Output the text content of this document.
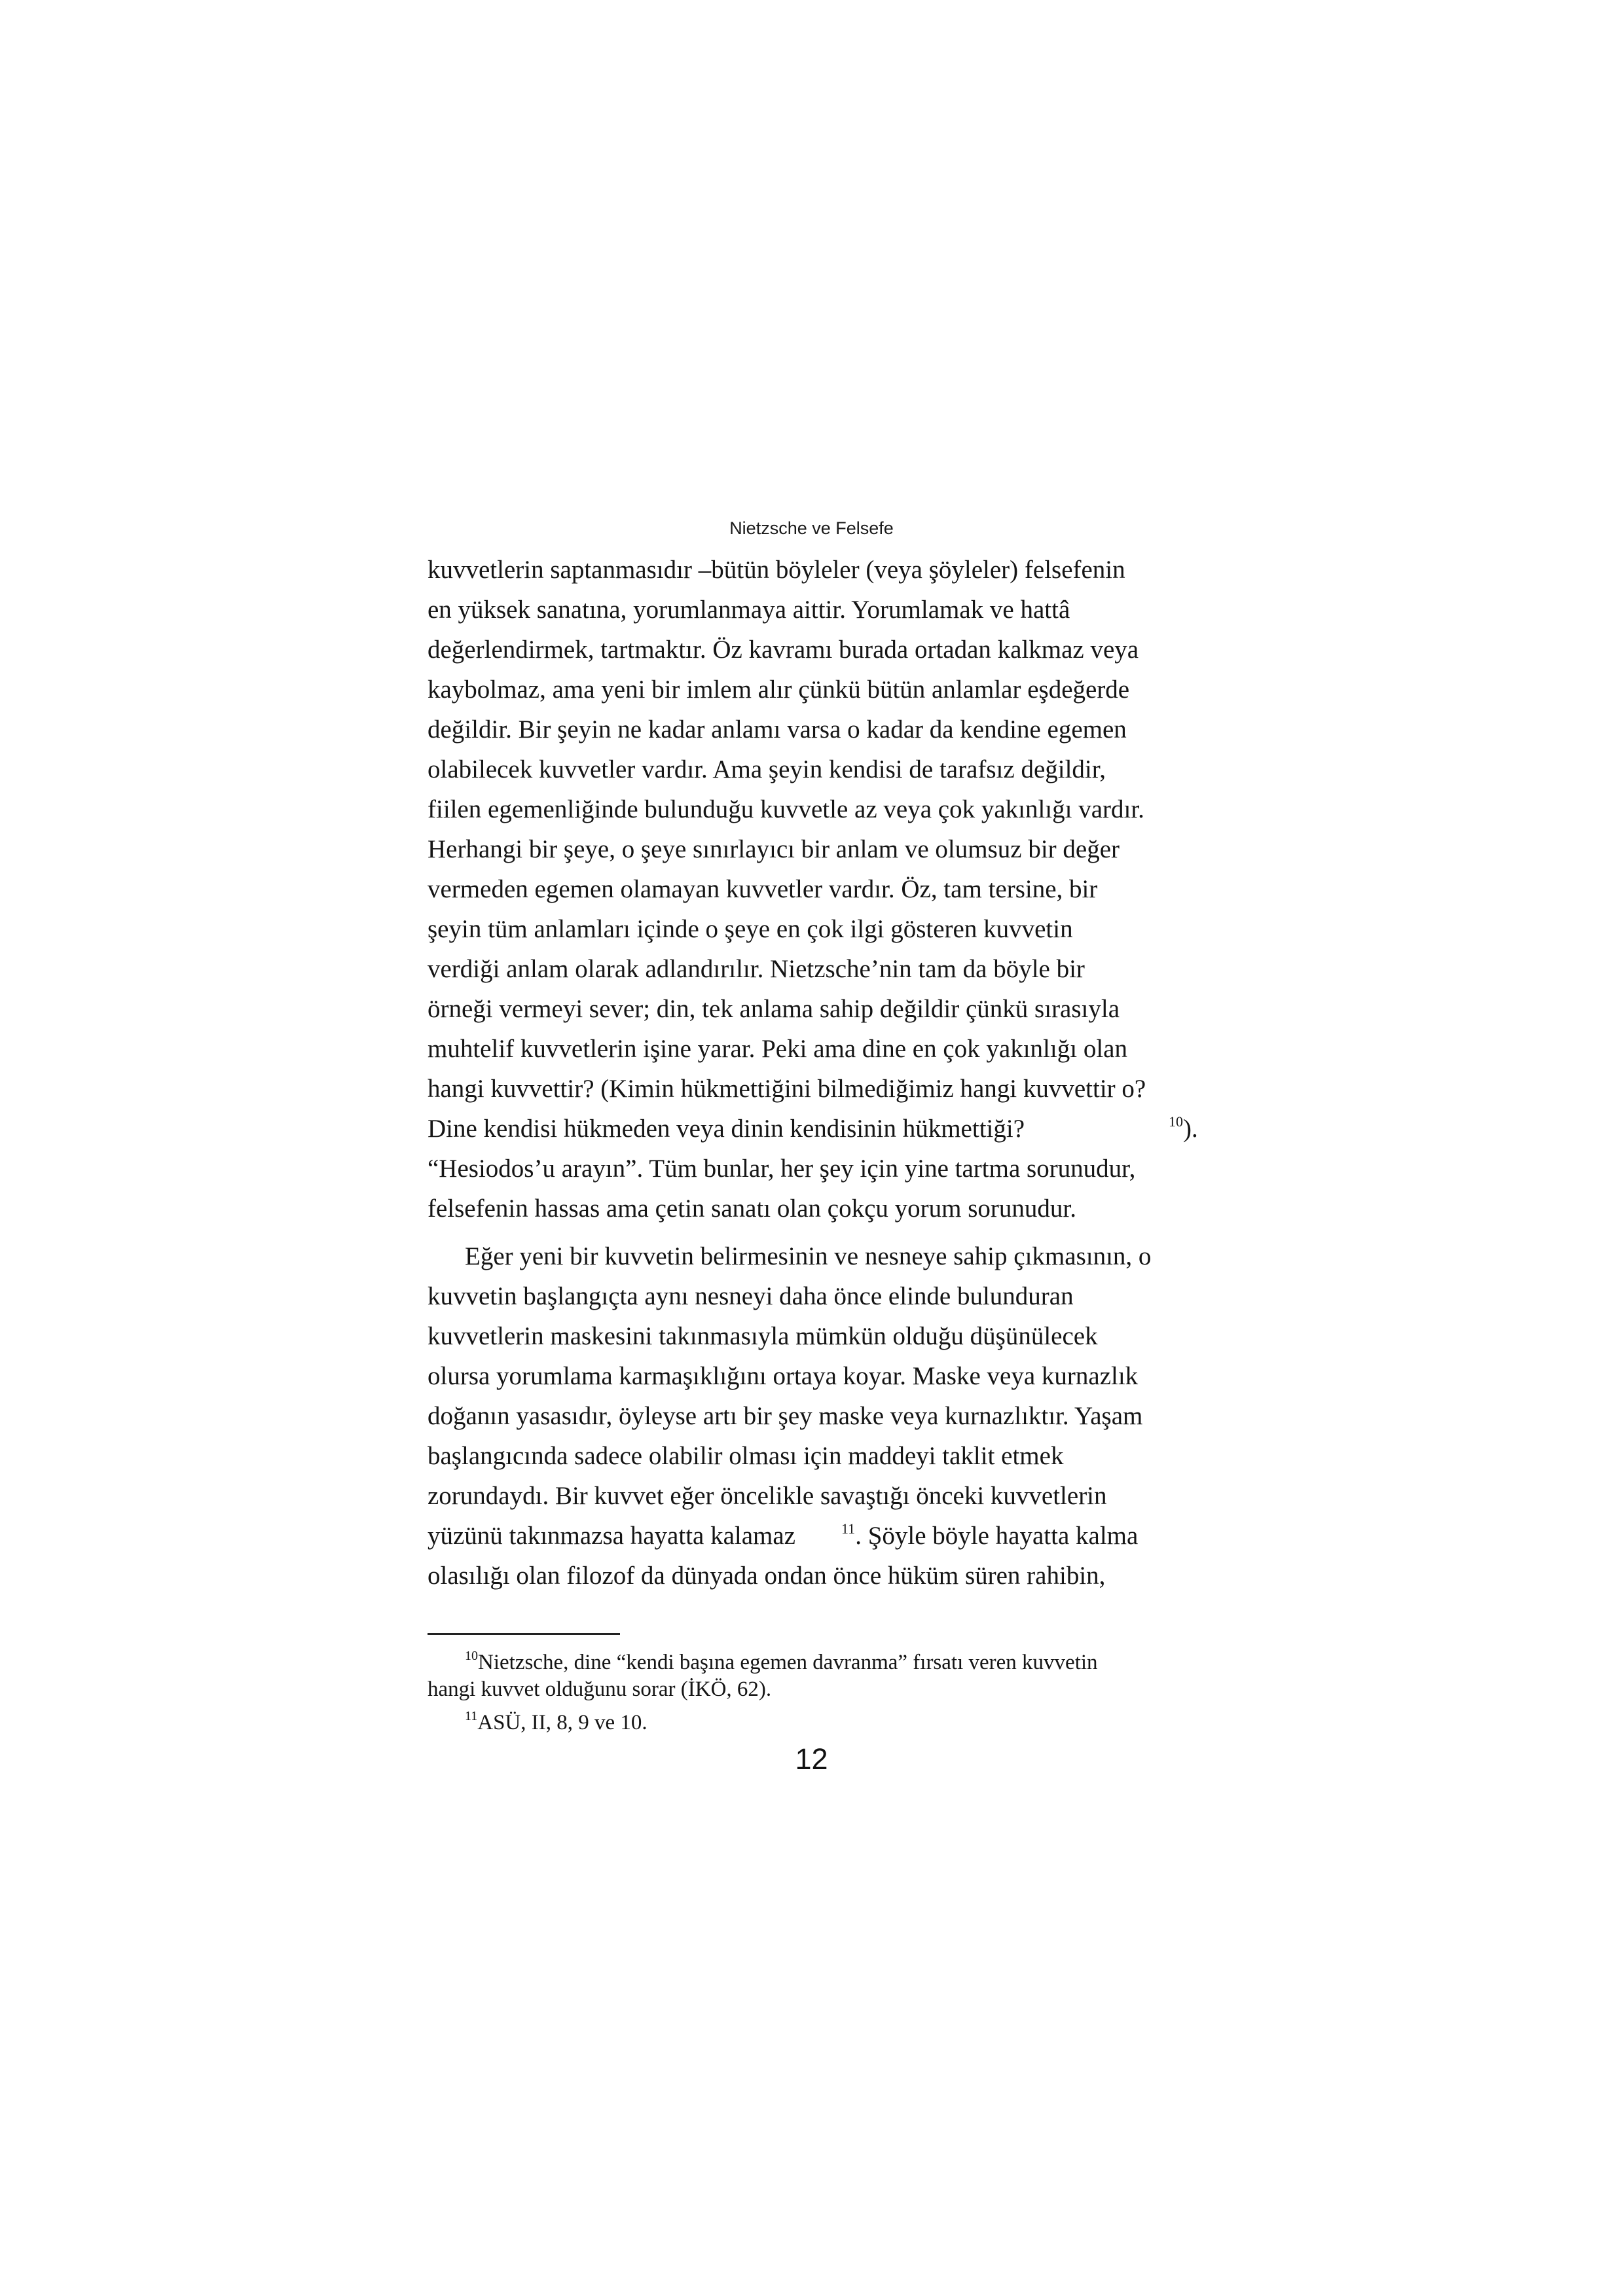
Nietzsche ve Felsefe
kuvvetlerin saptanmasıdır –bütün böyleler (veya şöyleler) felsefenin
en yüksek sanatına, yorumlanmaya aittir. Yorumlamak ve hattâ
değerlendirmek, tartmaktır. Öz kavramı burada ortadan kalkmaz veya
kaybolmaz, ama yeni bir imlem alır çünkü bütün anlamlar eşdeğerde
değildir. Bir şeyin ne kadar anlamı varsa o kadar da kendine egemen
olabilecek kuvvetler vardır. Ama şeyin kendisi de tarafsız değildir,
fiilen egemenliğinde bulunduğu kuvvetle az veya çok yakınlığı vardır.
Herhangi bir şeye, o şeye sınırlayıcı bir anlam ve olumsuz bir değer
vermeden egemen olamayan kuvvetler vardır. Öz, tam tersine, bir
şeyin tüm anlamları içinde o şeye en çok ilgi gösteren kuvvetin
verdiği anlam olarak adlandırılır. Nietzsche’nin tam da böyle bir
örneği vermeyi sever; din, tek anlama sahip değildir çünkü sırasıyla
muhtelif kuvvetlerin işine yarar. Peki ama dine en çok yakınlığı olan
hangi kuvvettir? (Kimin hükmettiğini bilmediğimiz hangi kuvvettir o?
Dine kendisi hükmeden veya dinin kendisinin hükmettiği?	$^{10}$).
“Hesiodos’u arayın”. Tüm bunlar, her şey için yine tartma sorunudur,
felsefenin hassas ama çetin sanatı olan çokçu yorum sorunudur.
Eğer yeni bir kuvvetin belirmesinin ve nesneye sahip çıkmasının, o
kuvvetin başlangıçta aynı nesneyi daha önce elinde bulunduran
kuvvetlerin maskesini takınmasıyla mümkün olduğu düşünülecek
olursa yorumlama karmaşıklığını ortaya koyar. Maske veya kurnazlık
doğanın yasasıdır, öyleyse artı bir şey maske veya kurnazlıktır. Yaşam
başlangıcında sadece olabilir olması için maddeyi taklit etmek
zorundaydı. Bir kuvvet eğer öncelikle savaştığı önceki kuvvetlerin
yüzünü takınmazsa hayatta kalamaz	$^{11}$. Şöyle böyle hayatta kalma
olasılığı olan filozof da dünyada ondan önce hüküm süren rahibin,
$^{10}$Nietzsche, dine “kendi başına egemen davranma” fırsatı veren kuvvetin
hangi kuvvet olduğunu sorar (İKÖ, 62).
$^{11}$ASÜ, II, 8, 9 ve 10.
12
